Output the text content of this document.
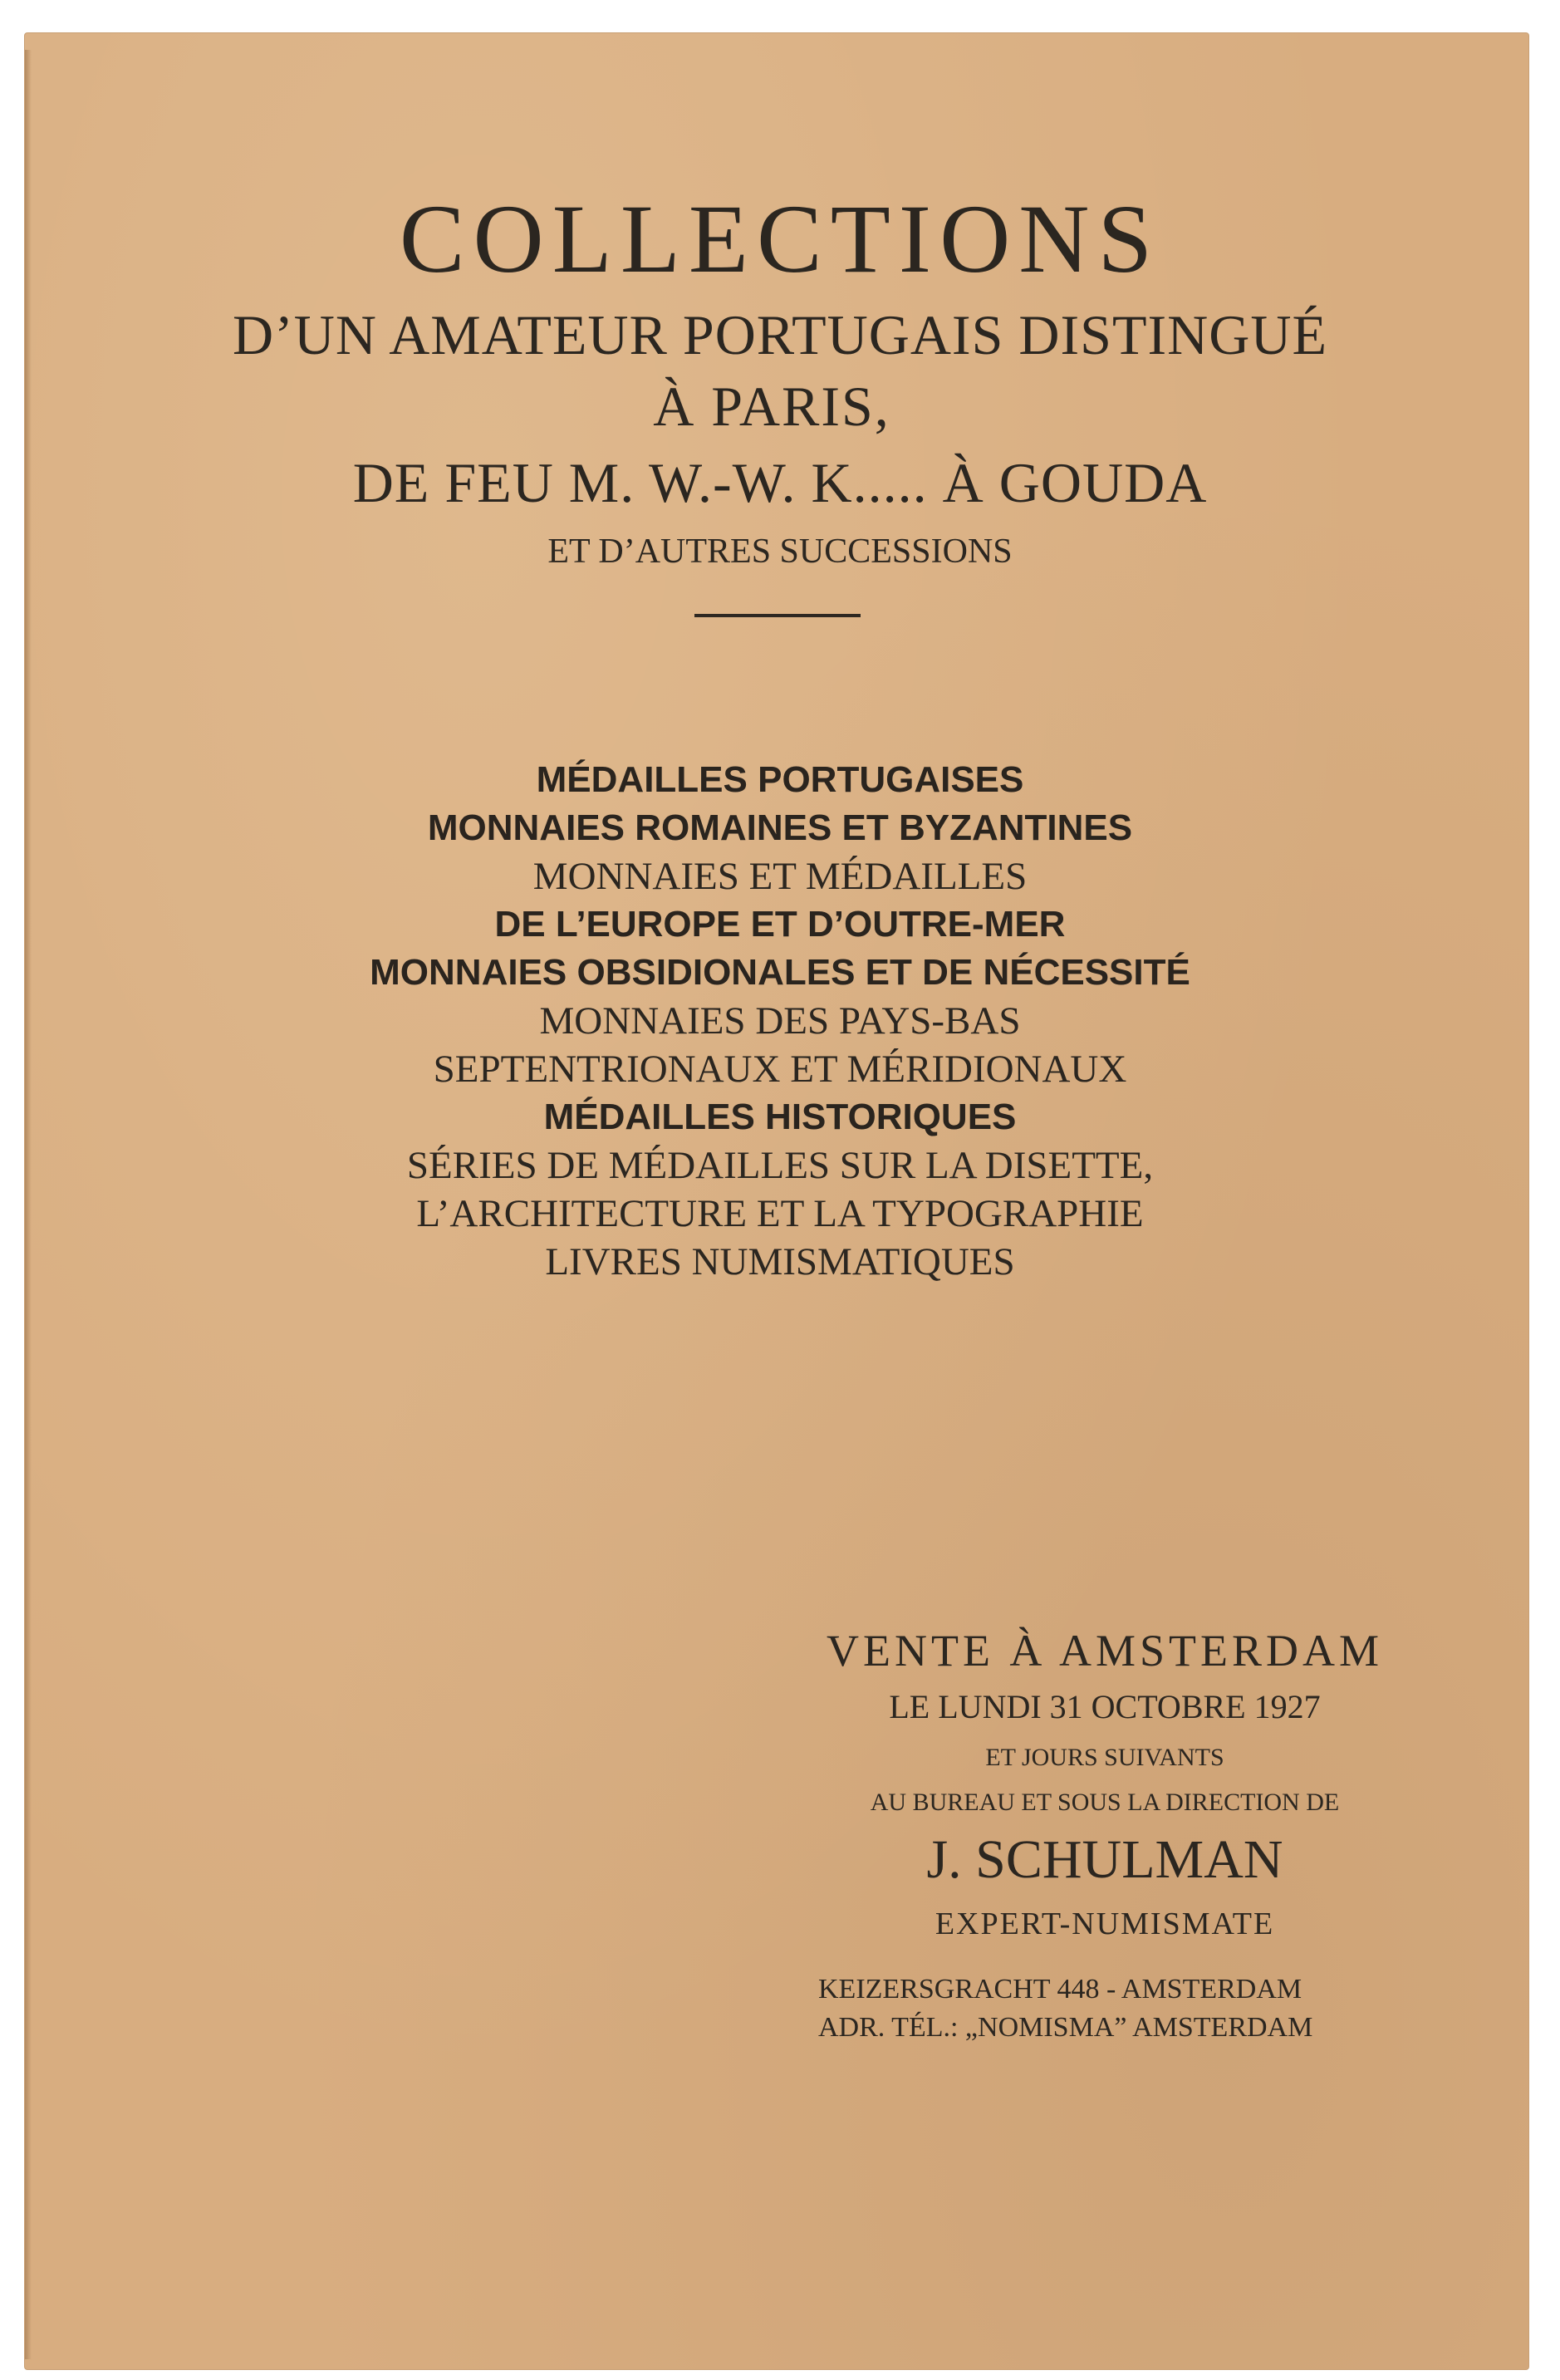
COLLECTIONS
D’UN AMATEUR PORTUGAIS DISTINGUÉ
À PARIS,
DE FEU M. W.-W. K..... À GOUDA
ET D’AUTRES SUCCESSIONS
MÉDAILLES PORTUGAISES
MONNAIES ROMAINES ET BYZANTINES
MONNAIES ET MÉDAILLES
DE L’EUROPE ET D’OUTRE-MER
MONNAIES OBSIDIONALES ET DE NÉCESSITÉ
MONNAIES DES PAYS-BAS
SEPTENTRIONAUX ET MÉRIDIONAUX
MÉDAILLES HISTORIQUES
SÉRIES DE MÉDAILLES SUR LA DISETTE,
L’ARCHITECTURE ET LA TYPOGRAPHIE
LIVRES NUMISMATIQUES
VENTE À AMSTERDAM
LE LUNDI 31 OCTOBRE 1927
ET JOURS SUIVANTS
AU BUREAU ET SOUS LA DIRECTION DE
J. SCHULMAN
EXPERT-NUMISMATE
KEIZERSGRACHT 448 - AMSTERDAM
ADR. TÉL.: „NOMISMA” AMSTERDAM
